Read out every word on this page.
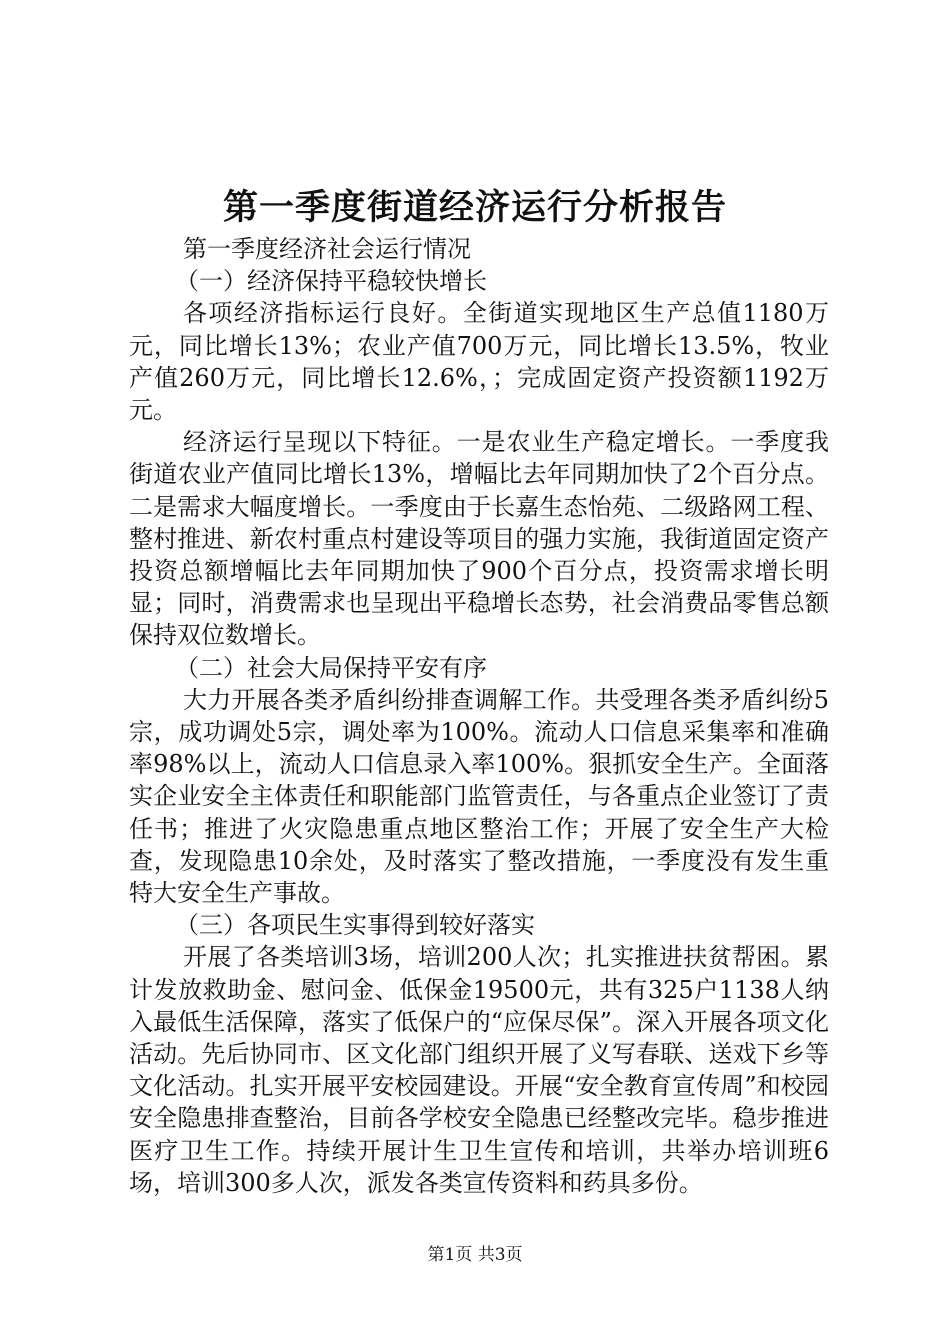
第一季度街道经济运行分析报告

第一季度经济社会运行情况

（一）经济保持平稳较快增长

各项经济指标运行良好。全街道实现地区生产总值1180万元，同比增长13%；农业产值700万元，同比增长13.5%，牧业产值260万元，同比增长12.6%，；完成固定资产投资额1192万元。

经济运行呈现以下特征。一是农业生产稳定增长。一季度我街道农业产值同比增长13%，增幅比去年同期加快了2个百分点。二是需求大幅度增长。一季度由于长嘉生态怡苑、二级路网工程、整村推进、新农村重点村建设等项目的强力实施，我街道固定资产投资总额增幅比去年同期加快了900个百分点，投资需求增长明显；同时，消费需求也呈现出平稳增长态势，社会消费品零售总额保持双位数增长。

（二）社会大局保持平安有序

大力开展各类矛盾纠纷排查调解工作。共受理各类矛盾纠纷5宗，成功调处5宗，调处率为100%。流动人口信息采集率和准确率98%以上，流动人口信息录入率100%。狠抓安全生产。全面落实企业安全主体责任和职能部门监管责任，与各重点企业签订了责任书；推进了火灾隐患重点地区整治工作；开展了安全生产大检查，发现隐患10余处，及时落实了整改措施，一季度没有发生重特大安全生产事故。

（三）各项民生实事得到较好落实

开展了各类培训3场，培训200人次；扎实推进扶贫帮困。累计发放救助金、慰问金、低保金19500元，共有325户1138人纳入最低生活保障，落实了低保户的“应保尽保”。深入开展各项文化活动。先后协同市、区文化部门组织开展了义写春联、送戏下乡等文化活动。扎实开展平安校园建设。开展“安全教育宣传周”和校园安全隐患排查整治，目前各学校安全隐患已经整改完毕。稳步推进医疗卫生工作。持续开展计生卫生宣传和培训，共举办培训班6场，培训300多人次，派发各类宣传资料和药具多份。

第1页 共3页
